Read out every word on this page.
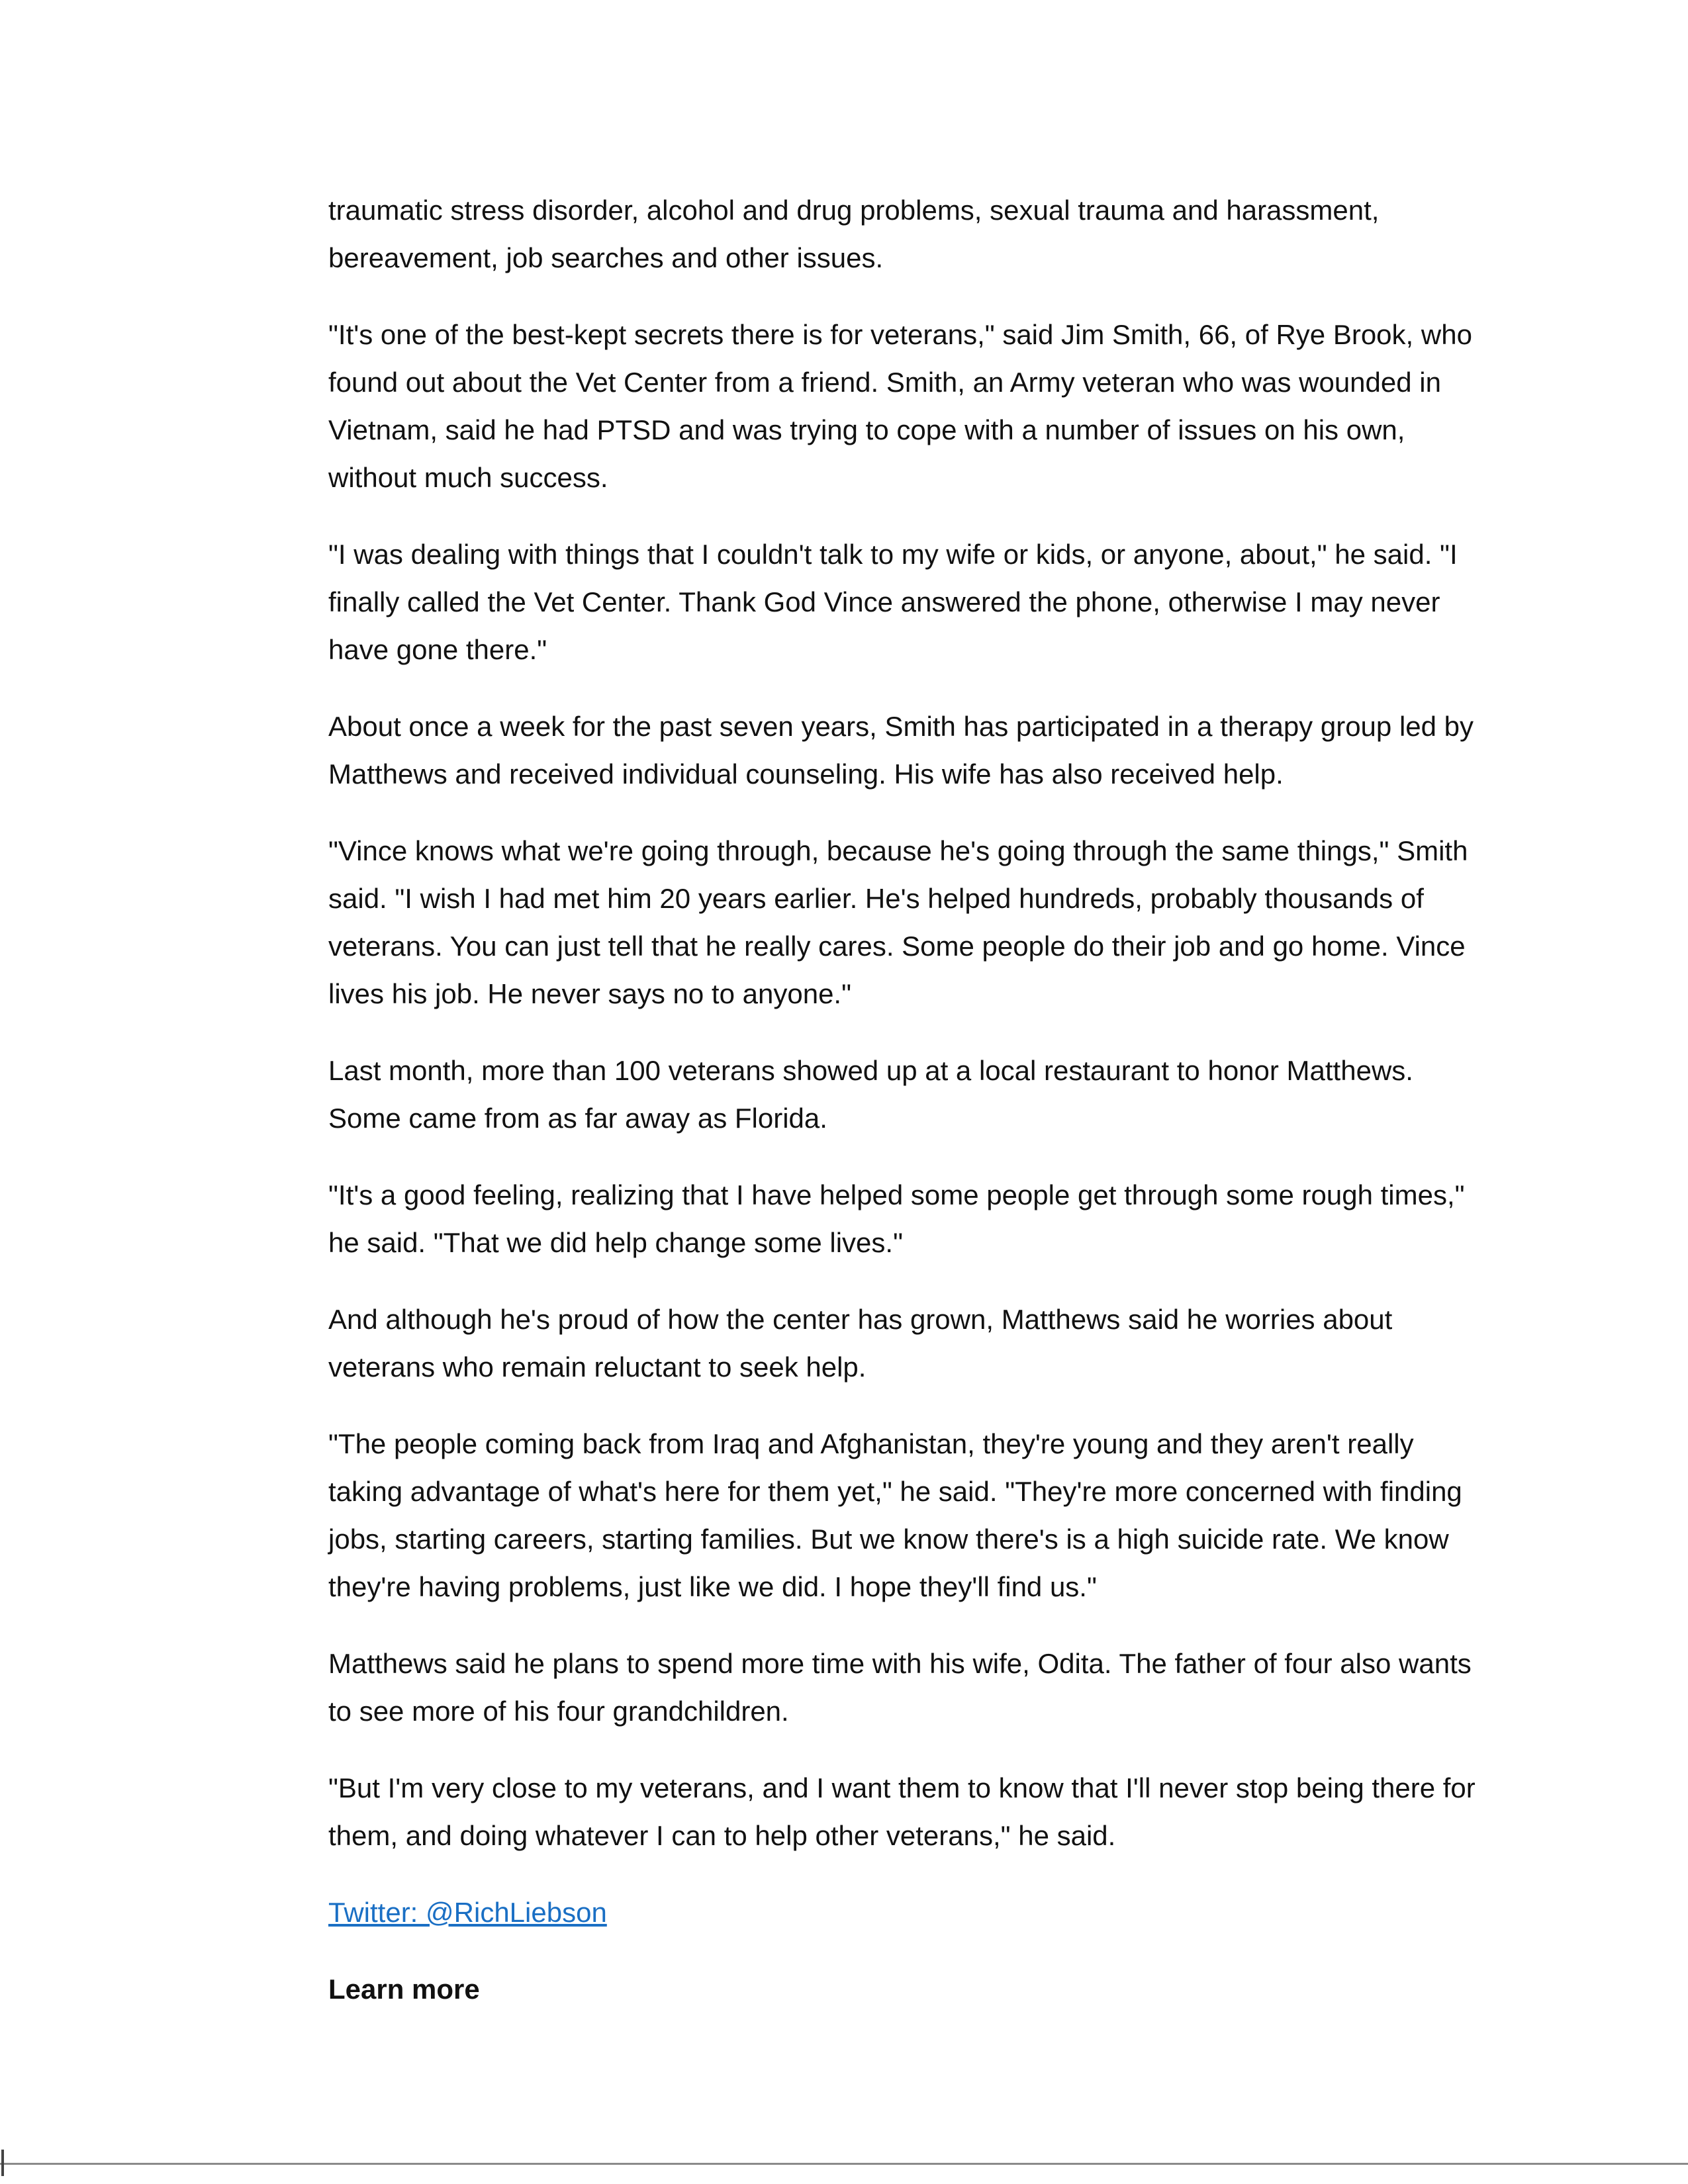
traumatic stress disorder, alcohol and drug problems, sexual trauma and harassment, bereavement, job searches and other issues.

"It's one of the best-kept secrets there is for veterans," said Jim Smith, 66, of Rye Brook, who found out about the Vet Center from a friend. Smith, an Army veteran who was wounded in Vietnam, said he had PTSD and was trying to cope with a number of issues on his own, without much success.

"I was dealing with things that I couldn't talk to my wife or kids, or anyone, about," he said. "I finally called the Vet Center. Thank God Vince answered the phone, otherwise I may never have gone there."

About once a week for the past seven years, Smith has participated in a therapy group led by Matthews and received individual counseling. His wife has also received help.

"Vince knows what we're going through, because he's going through the same things," Smith said. "I wish I had met him 20 years earlier. He's helped hundreds, probably thousands of veterans. You can just tell that he really cares. Some people do their job and go home. Vince lives his job. He never says no to anyone."

Last month, more than 100 veterans showed up at a local restaurant to honor Matthews. Some came from as far away as Florida.

"It's a good feeling, realizing that I have helped some people get through some rough times," he said. "That we did help change some lives."

And although he's proud of how the center has grown, Matthews said he worries about veterans who remain reluctant to seek help.

"The people coming back from Iraq and Afghanistan, they're young and they aren't really taking advantage of what's here for them yet," he said. "They're more concerned with finding jobs, starting careers, starting families. But we know there's is a high suicide rate. We know they're having problems, just like we did. I hope they'll find us."

Matthews said he plans to spend more time with his wife, Odita. The father of four also wants to see more of his four grandchildren.

"But I'm very close to my veterans, and I want them to know that I'll never stop being there for them, and doing whatever I can to help other veterans," he said.

Twitter: @RichLiebson
Learn more
